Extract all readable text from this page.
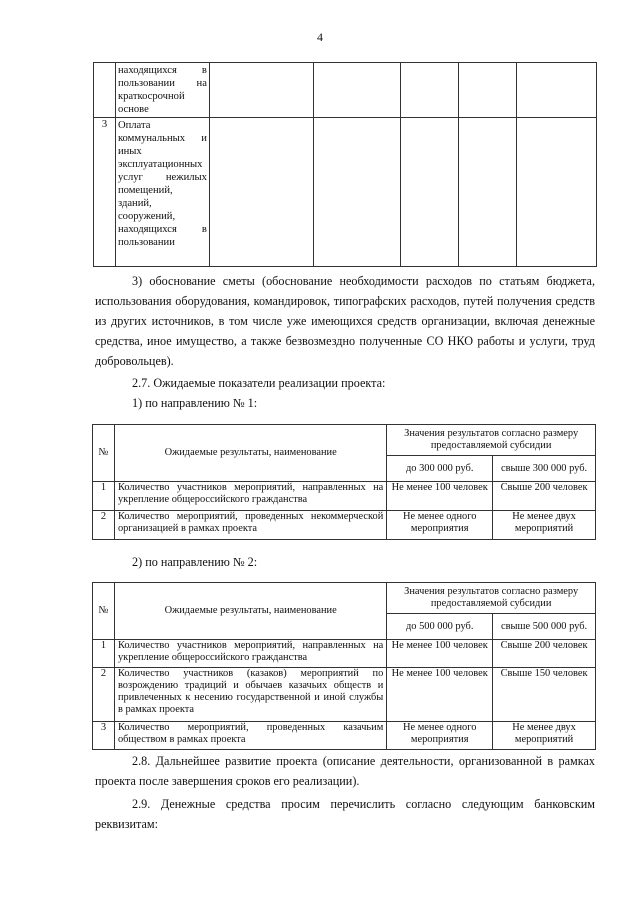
4
	находящихся в пользовании на краткосрочной основе					
3	Оплата коммунальных и иных эксплуатационных услуг нежилых помещений, зданий, сооружений, находящихся в пользовании					

3) обоснование сметы (обоснование необходимости расходов по статьям бюджета, использования оборудования, командировок, типографских расходов, путей получения средств из других источников, в том числе уже имеющихся средств организации, включая денежные средства, иное имущество, а также безвозмездно полученные СО НКО работы и услуги, труд добровольцев).

2.7. Ожидаемые показатели реализации проекта:

1) по направлению № 1:

№	Ожидаемые результаты, наименование	Значения результатов согласно размеру предоставляемой субсидии	
		до 300 000 руб.	свыше 300 000 руб.
1	Количество участников мероприятий, направленных на укрепление общероссийского гражданства	Не менее 100 человек	Свыше 200 человек
2	Количество мероприятий, проведенных некоммерческой организацией в рамках проекта	Не менее одного мероприятия	Не менее двух мероприятий

2) по направлению № 2:

№	Ожидаемые результаты, наименование	Значения результатов согласно размеру предоставляемой субсидии	
		до 500 000 руб.	свыше 500 000 руб.
1	Количество участников мероприятий, направленных на укрепление общероссийского гражданства	Не менее 100 человек	Свыше 200 человек
2	Количество участников (казаков) мероприятий по возрождению традиций и обычаев казачьих обществ и привлеченных к несению государственной и иной службы в рамках проекта	Не менее 100 человек	Свыше 150 человек
3	Количество мероприятий, проведенных казачьим обществом в рамках проекта	Не менее одного мероприятия	Не менее двух мероприятий

2.8. Дальнейшее развитие проекта (описание деятельности, организованной в рамках проекта после завершения сроков его реализации).

2.9. Денежные средства просим перечислить согласно следующим банковским реквизитам:
